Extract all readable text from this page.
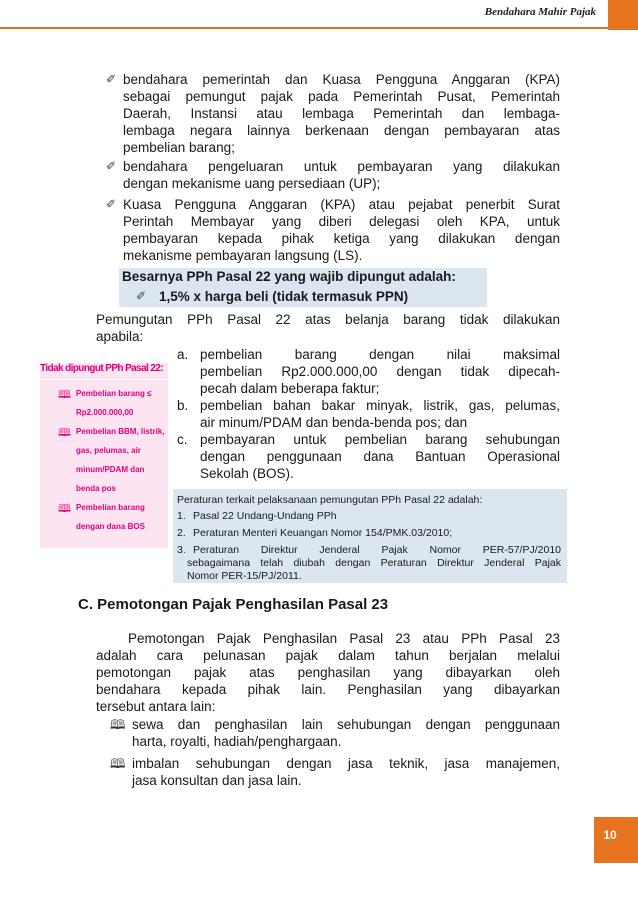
Bendahara Mahir Pajak
✐ bendahara pemerintah dan Kuasa Pengguna Anggaran (KPA)
sebagai pemungut pajak pada Pemerintah Pusat, Pemerintah
Daerah, Instansi atau lembaga Pemerintah dan lembaga-
lembaga negara lainnya berkenaan dengan pembayaran atas
pembelian barang;
✐ bendahara pengeluaran untuk pembayaran yang dilakukan
dengan mekanisme uang persediaan (UP);
✐ Kuasa Pengguna Anggaran (KPA) atau pejabat penerbit Surat
Perintah Membayar yang diberi delegasi oleh KPA, untuk
pembayaran kepada pihak ketiga yang dilakukan dengan
mekanisme pembayaran langsung (LS).
Besarnya PPh Pasal 22 yang wajib dipungut adalah:
✐ 1,5% x harga beli (tidak termasuk PPN)
Pemungutan PPh Pasal 22 atas belanja barang tidak dilakukan
apabila:
a. pembelian barang dengan nilai maksimal
pembelian Rp2.000.000,00 dengan tidak dipecah-
pecah dalam beberapa faktur;
b. pembelian bahan bakar minyak, listrik, gas, pelumas,
air minum/PDAM dan benda-benda pos; dan
c. pembayaran untuk pembelian barang sehubungan
dengan penggunaan dana Bantuan Operasional
Sekolah (BOS).
Tidak dipungut PPh Pasal 22:
🕮 Pembelian barang ≤
Rp2.000.000,00
🕮 Pembelian BBM, listrik,
gas, pelumas, air
minum/PDAM dan
benda pos
🕮 Pembelian barang
dengan dana BOS
Peraturan terkait pelaksanaan pemungutan PPh Pasal 22 adalah:
1. Pasal 22 Undang-Undang PPh
2. Peraturan Menteri Keuangan Nomor 154/PMK.03/2010;
3. Peraturan Direktur Jenderal Pajak Nomor PER-57/PJ/2010
sebagaimana telah diubah dengan Peraturan Direktur Jenderal Pajak
Nomor PER-15/PJ/2011.
C. Pemotongan Pajak Penghasilan Pasal 23
Pemotongan Pajak Penghasilan Pasal 23 atau PPh Pasal 23
adalah cara pelunasan pajak dalam tahun berjalan melalui
pemotongan pajak atas penghasilan yang dibayarkan oleh
bendahara kepada pihak lain. Penghasilan yang dibayarkan
tersebut antara lain:
🕮 sewa dan penghasilan lain sehubungan dengan penggunaan
harta, royalti, hadiah/penghargaan.
🕮 imbalan sehubungan dengan jasa teknik, jasa manajemen,
jasa konsultan dan jasa lain.
10
